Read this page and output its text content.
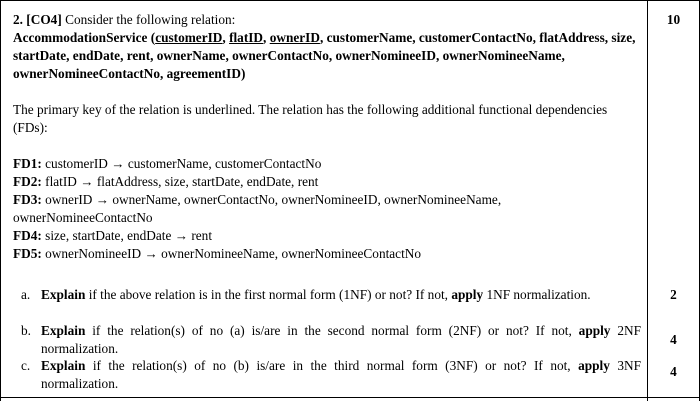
10
2
4
4

2. [CO4] Consider the following relation:

AccommodationService (customerID, flatID, ownerID, customerName, customerContactNo, flatAddress, size, startDate, endDate, rent, ownerName, ownerContactNo, ownerNomineeID, ownerNomineeName, ownerNomineeContactNo, agreementID)

The primary key of the relation is underlined. The relation has the following additional functional dependencies (FDs):

FD1: customerID → customerName, customerContactNo

FD2: flatID → flatAddress, size, startDate, endDate, rent

FD3: ownerID → ownerName, ownerContactNo, ownerNomineeID, ownerNomineeName, ownerNomineeContactNo

FD4: size, startDate, endDate → rent

FD5: ownerNomineeID → ownerNomineeName, ownerNomineeContactNo

a. Explain if the above relation is in the first normal form (1NF) or not? If not, apply 1NF normalization.
b. Explain if the relation(s) of no (a) is/are in the second normal form (2NF) or not? If not, apply 2NF normalization.
c. Explain if the relation(s) of no (b) is/are in the third normal form (3NF) or not? If not, apply 3NF normalization.
